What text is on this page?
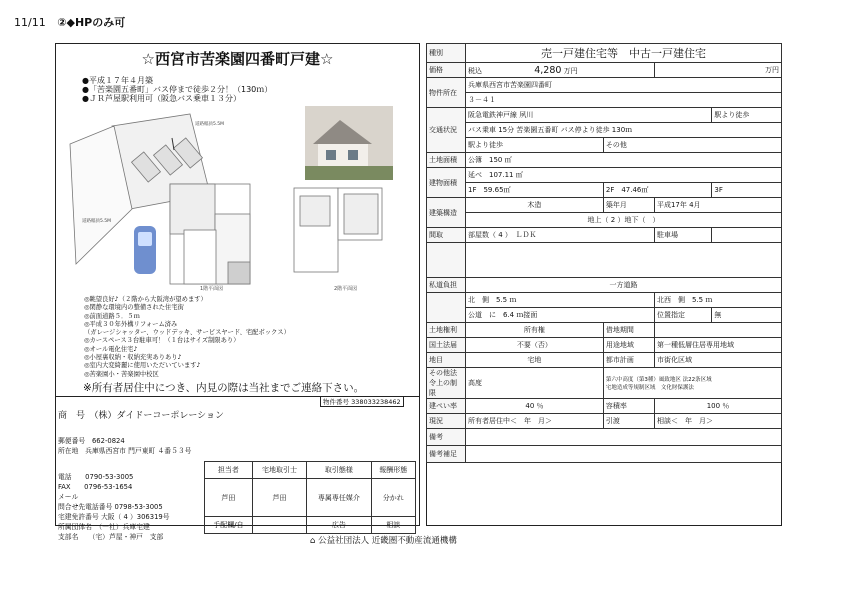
11/11 ②◆HPのみ可
☆西宮市苦楽園四番町戸建☆
●平成１７年４月築
●「苦楽園五番町」バス停まで徒歩２分！（130ｍ）
●ＪＲ芦屋駅利用可（阪急バス乗車１３分）
道路幅員5.5M
道路幅員5.5M
1階平面図	2階平面図
◎眺望良好♪（２階から大阪湾が望めます）
◎閑静な環境内の整備された住宅街
◎前面道路５．５ｍ
◎平成３０年外構リフォーム済み
（ガレージシャッター、ウッドデッキ、サービスヤード、宅配ボックス）
◎カースペース３台駐車可！（１台はサイズ制限あり）
◎オール電化住宅♪
◎小屋裏収納・収納充実ありあり♪
◎室内大変綺麗に使用いただいています♪
◎苦楽園小・苦楽園中校区
※所有者居住中につき、内見の際は当社までご連絡下さい。
物件番号 338033238462
商　号　（株）ダイドーコーポレーション
郵便番号　662-0824
所在地　兵庫県西宮市 門戸東町 ４番５３号
電話　　0790-53-3005
FAX　　0796-53-1654
メール
問合せ先電話番号 0798-53-3005
宅建免許番号 大阪（ 4 ）306319号
所属団体名　（一社）兵庫宅建
支部名　　（宅）芦屋・神戸　支部
担当者	宅地取引士	取引態様	報酬形態
芦田	芦田	専属専任媒介	分かれ
手配欄/自		広告	相談
種別	売一戸建住宅等　中古一戸建住宅			
価格	税込 4,280 万円		万円	
物件所在	兵庫県西宮市苦楽園四番町			
	３－４１			
交通状況	阪急電鉄神戸線 夙川			駅より徒歩
	バス乗車 15分 苦楽園五番町 バス停より徒歩 130ｍ			
	駅より徒歩	その他		
土地面積	公簿　150 ㎡			
建物面積	延べ　107.11 ㎡			
	1F　59.65㎡	2F　47.46㎡		3F
建築構造	木造	築年月	平成17年 4月	
	地上（ 2 ）地下（　）			
間取	部屋数（ 4 ）　ＬＤＫ		駐車場	

私道負担	一方道路			
	北　側　5.5 ｍ		北西　側　5.5 ｍ	
	公道　に　6.4 ｍ接面		位置指定	無
土地権利	所有権	借地期間		
国土法届	不要（否）	用途地域	第一種低層住居専用地域	
地目	宅地	都市計画	市街化区域	
その他法令上の制限	高度	第六中高度（第3種）風致地区 法22条区域
宅地造成等規制区域　文化財保護法		

建ぺい率	40 ％	容積率	100 ％	
現況	所有者居住中＜　年　月＞	引渡	相談＜　年　月＞	
備考				
備考補足				
⌂ 公益社団法人 近畿圏不動産流通機構
